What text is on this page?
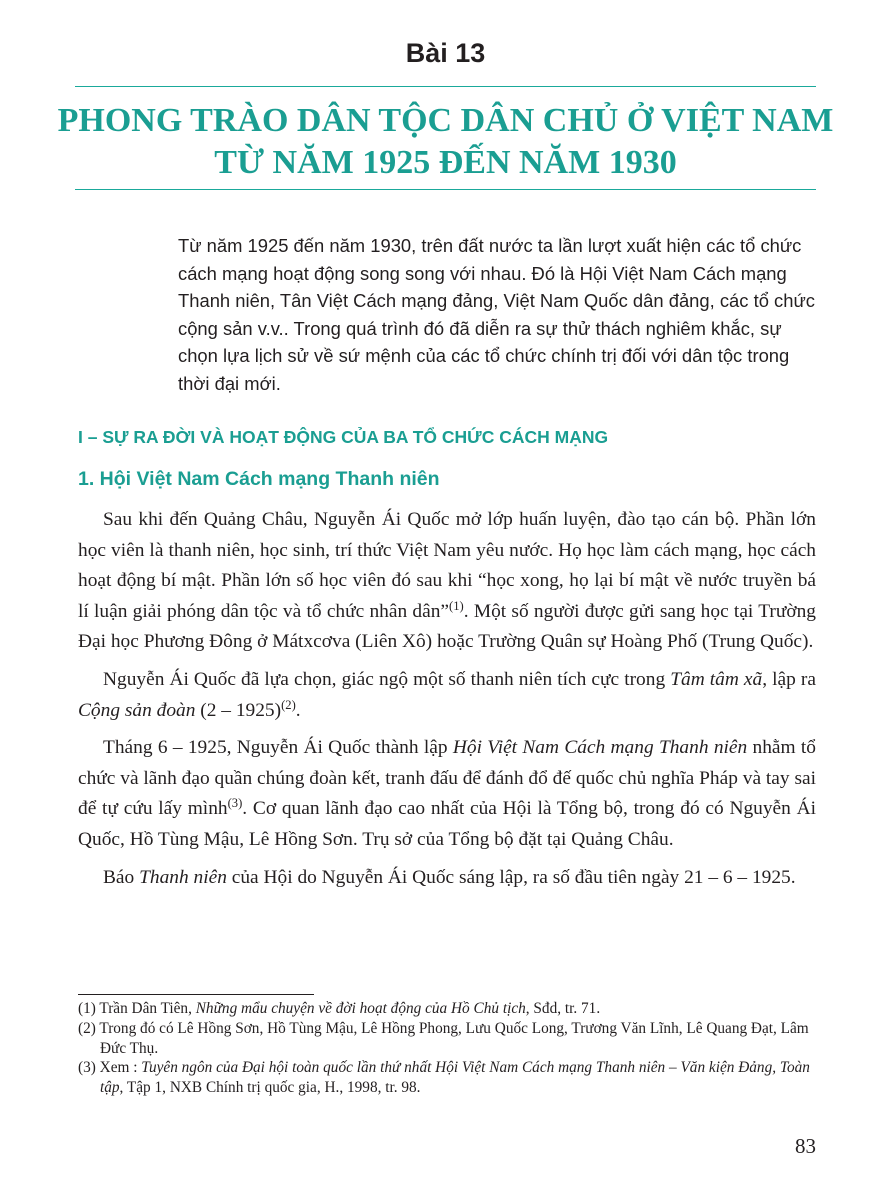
Bài 13
PHONG TRÀO DÂN TỘC DÂN CHỦ Ở VIỆT NAM
TỪ NĂM 1925 ĐẾN NĂM 1930
Từ năm 1925 đến năm 1930, trên đất nước ta lần lượt xuất hiện các tổ chức cách mạng hoạt động song song với nhau. Đó là Hội Việt Nam Cách mạng Thanh niên, Tân Việt Cách mạng đảng, Việt Nam Quốc dân đảng, các tổ chức cộng sản v.v.. Trong quá trình đó đã diễn ra sự thử thách nghiêm khắc, sự chọn lựa lịch sử về sứ mệnh của các tổ chức chính trị đối với dân tộc trong thời đại mới.
I – SỰ RA ĐỜI VÀ HOẠT ĐỘNG CỦA BA TỔ CHỨC CÁCH MẠNG
1. Hội Việt Nam Cách mạng Thanh niên

Sau khi đến Quảng Châu, Nguyễn Ái Quốc mở lớp huấn luyện, đào tạo cán bộ. Phần lớn học viên là thanh niên, học sinh, trí thức Việt Nam yêu nước. Họ học làm cách mạng, học cách hoạt động bí mật. Phần lớn số học viên đó sau khi “học xong, họ lại bí mật về nước truyền bá lí luận giải phóng dân tộc và tổ chức nhân dân”$^{(1)}$. Một số người được gửi sang học tại Trường Đại học Phương Đông ở Mátxcơva (Liên Xô) hoặc Trường Quân sự Hoàng Phố (Trung Quốc).

Nguyễn Ái Quốc đã lựa chọn, giác ngộ một số thanh niên tích cực trong Tâm tâm xã, lập ra Cộng sản đoàn (2 – 1925)$^{(2)}$.

Tháng 6 – 1925, Nguyễn Ái Quốc thành lập Hội Việt Nam Cách mạng Thanh niên nhằm tổ chức và lãnh đạo quần chúng đoàn kết, tranh đấu để đánh đổ đế quốc chủ nghĩa Pháp và tay sai để tự cứu lấy mình$^{(3)}$. Cơ quan lãnh đạo cao nhất của Hội là Tổng bộ, trong đó có Nguyễn Ái Quốc, Hồ Tùng Mậu, Lê Hồng Sơn. Trụ sở của Tổng bộ đặt tại Quảng Châu.

Báo Thanh niên của Hội do Nguyễn Ái Quốc sáng lập, ra số đầu tiên ngày 21 – 6 – 1925.

(1) Trần Dân Tiên, Những mẩu chuyện về đời hoạt động của Hồ Chủ tịch, Sđd, tr. 71.
(2) Trong đó có Lê Hồng Sơn, Hồ Tùng Mậu, Lê Hồng Phong, Lưu Quốc Long, Trương Văn Lĩnh, Lê Quang Đạt, Lâm Đức Thụ.
(3) Xem : Tuyên ngôn của Đại hội toàn quốc lần thứ nhất Hội Việt Nam Cách mạng Thanh niên – Văn kiện Đảng, Toàn tập, Tập 1, NXB Chính trị quốc gia, H., 1998, tr. 98.
83
